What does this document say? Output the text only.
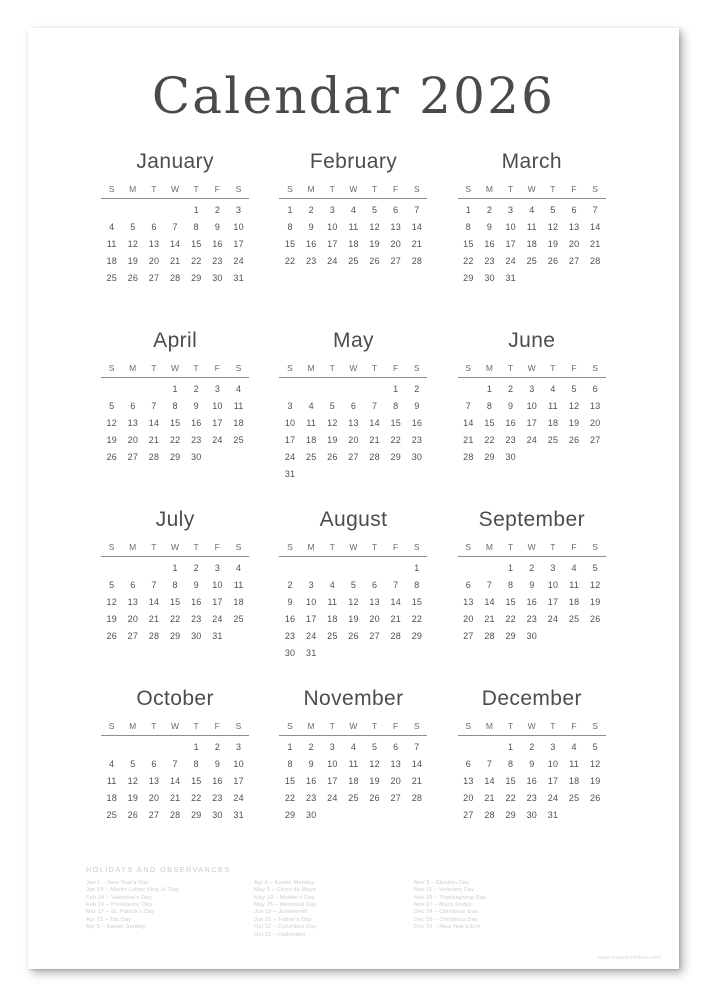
Calendar 2026
January
S	M	T	W	T	F	S
				1	2	3
4	5	6	7	8	9	10
11	12	13	14	15	16	17
18	19	20	21	22	23	24
25	26	27	28	29	30	31
February
S	M	T	W	T	F	S
1	2	3	4	5	6	7
8	9	10	11	12	13	14
15	16	17	18	19	20	21
22	23	24	25	26	27	28
March
S	M	T	W	T	F	S
1	2	3	4	5	6	7
8	9	10	11	12	13	14
15	16	17	18	19	20	21
22	23	24	25	26	27	28
29	30	31				
April
S	M	T	W	T	F	S
			1	2	3	4
5	6	7	8	9	10	11
12	13	14	15	16	17	18
19	20	21	22	23	24	25
26	27	28	29	30		
May
S	M	T	W	T	F	S
					1	2
3	4	5	6	7	8	9
10	11	12	13	14	15	16
17	18	19	20	21	22	23
24	25	26	27	28	29	30
31						
June
S	M	T	W	T	F	S
	1	2	3	4	5	6
7	8	9	10	11	12	13
14	15	16	17	18	19	20
21	22	23	24	25	26	27
28	29	30				
July
S	M	T	W	T	F	S
			1	2	3	4
5	6	7	8	9	10	11
12	13	14	15	16	17	18
19	20	21	22	23	24	25
26	27	28	29	30	31	
August
S	M	T	W	T	F	S
						1
2	3	4	5	6	7	8
9	10	11	12	13	14	15
16	17	18	19	20	21	22
23	24	25	26	27	28	29
30	31					
September
S	M	T	W	T	F	S
		1	2	3	4	5
6	7	8	9	10	11	12
13	14	15	16	17	18	19
20	21	22	23	24	25	26
27	28	29	30			
October
S	M	T	W	T	F	S
				1	2	3
4	5	6	7	8	9	10
11	12	13	14	15	16	17
18	19	20	21	22	23	24
25	26	27	28	29	30	31
November
S	M	T	W	T	F	S
1	2	3	4	5	6	7
8	9	10	11	12	13	14
15	16	17	18	19	20	21
22	23	24	25	26	27	28
29	30					
December
S	M	T	W	T	F	S
		1	2	3	4	5
6	7	8	9	10	11	12
13	14	15	16	17	18	19
20	21	22	23	24	25	26
27	28	29	30	31		
HOLIDAYS AND OBSERVANCES
Jan 1 – New Year's Day
Jan 19 – Martin Luther King Jr. Day
Feb 14 – Valentine's Day
Feb 16 – Presidents' Day
Mar 17 – St. Patrick's Day
Apr 15 – Tax Day
Apr 5 – Easter Sunday
Apr 6 – Easter Monday
May 5 – Cinco de Mayo
May 10 – Mother's Day
May 25 – Memorial Day
Jun 19 – Juneteenth
Jun 21 – Father's Day
Oct 12 – Columbus Day
Oct 31 – Halloween
Nov 3 – Election Day
Nov 11 – Veterans Day
Nov 26 – Thanksgiving Day
Nov 27 – Black Friday
Dec 24 – Christmas Eve
Dec 25 – Christmas Day
Dec 31 – New Year's Eve
www.manyprintables.com
